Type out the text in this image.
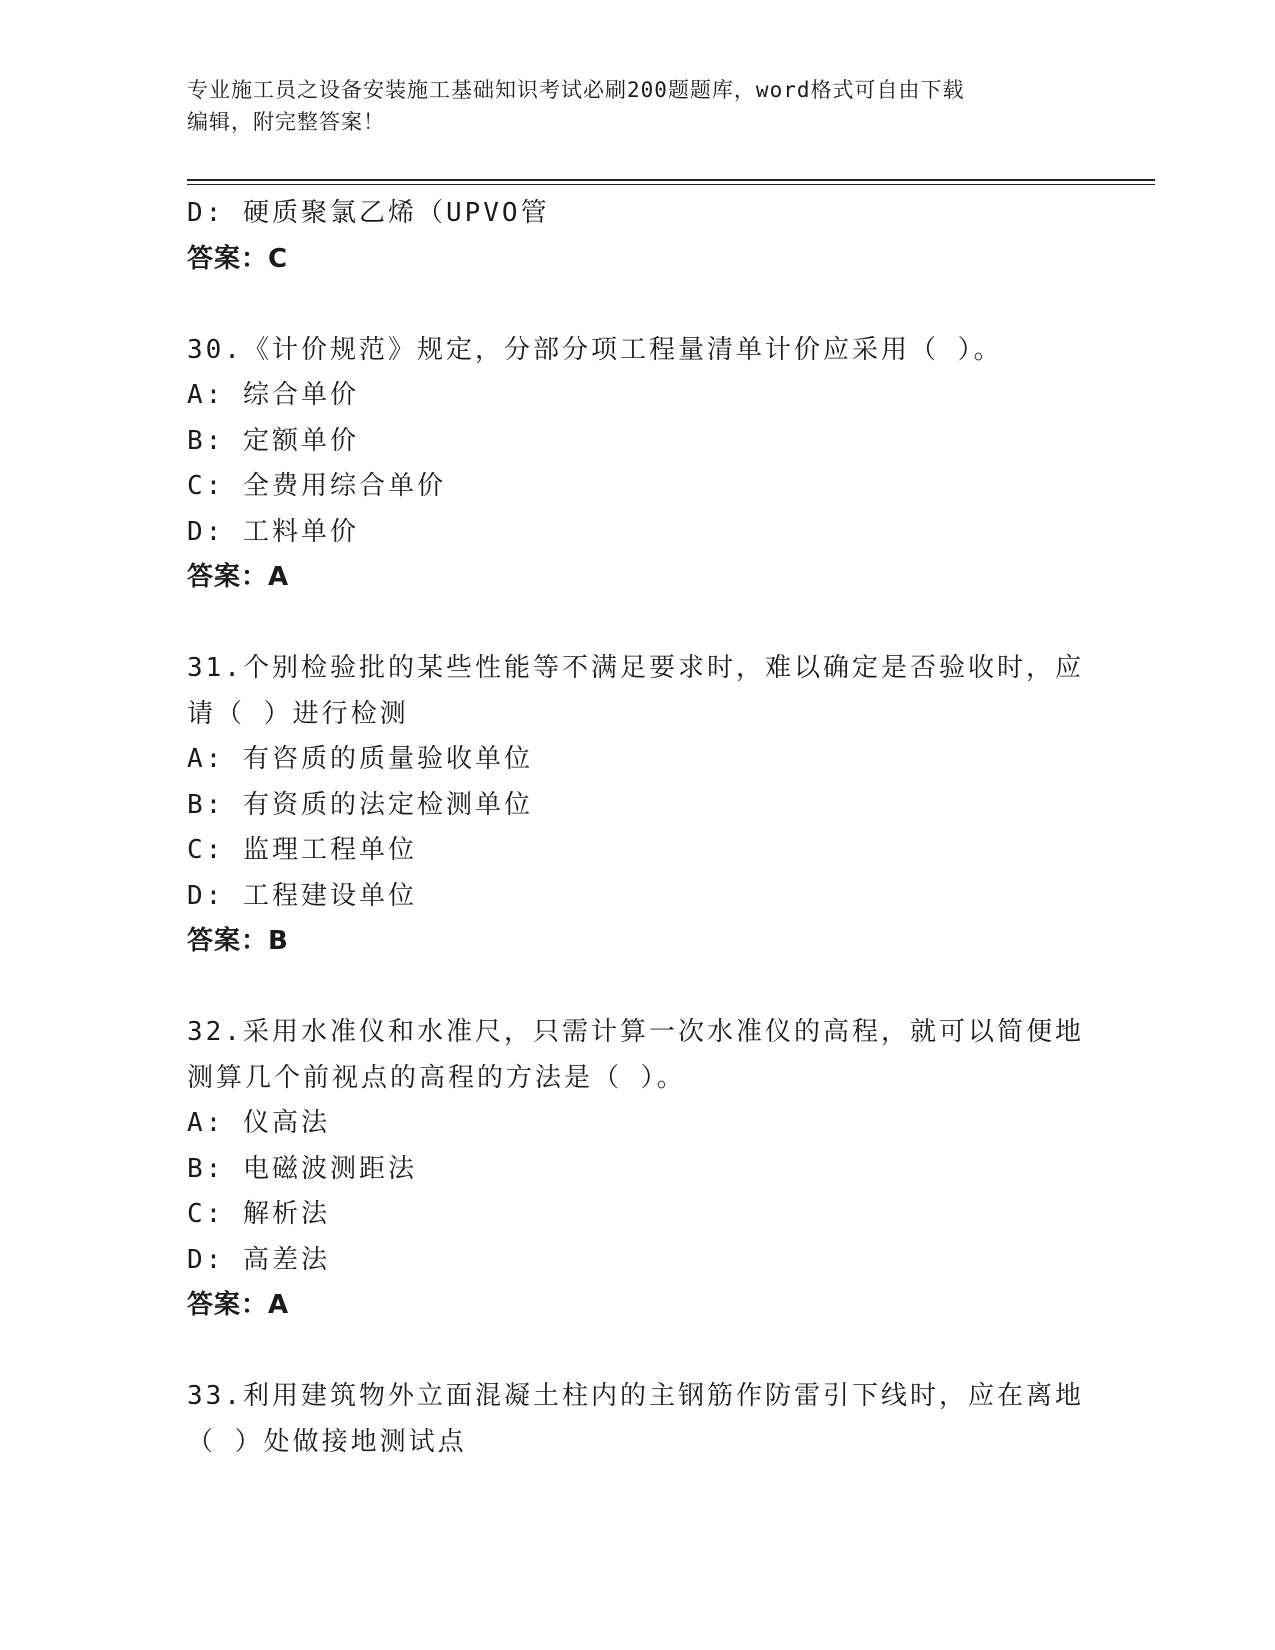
专业施工员之设备安装施工基础知识考试必刷200题题库，word格式可自由下载
编辑，附完整答案！
D: 硬质聚氯乙烯（UPVO管
答案：C
30.《计价规范》规定，分部分项工程量清单计价应采用（ ）。
A: 综合单价
B: 定额单价
C: 全费用综合单价
D: 工料单价
答案：A
31.个别检验批的某些性能等不满足要求时，难以确定是否验收时，应
请（ ）进行检测
A: 有咨质的质量验收单位
B: 有资质的法定检测单位
C: 监理工程单位
D: 工程建设单位
答案：B
32.采用水准仪和水准尺，只需计算一次水准仪的高程，就可以简便地
测算几个前视点的高程的方法是（ ）。
A: 仪高法
B: 电磁波测距法
C: 解析法
D: 高差法
答案：A
33.利用建筑物外立面混凝土柱内的主钢筋作防雷引下线时，应在离地
（ ）处做接地测试点
